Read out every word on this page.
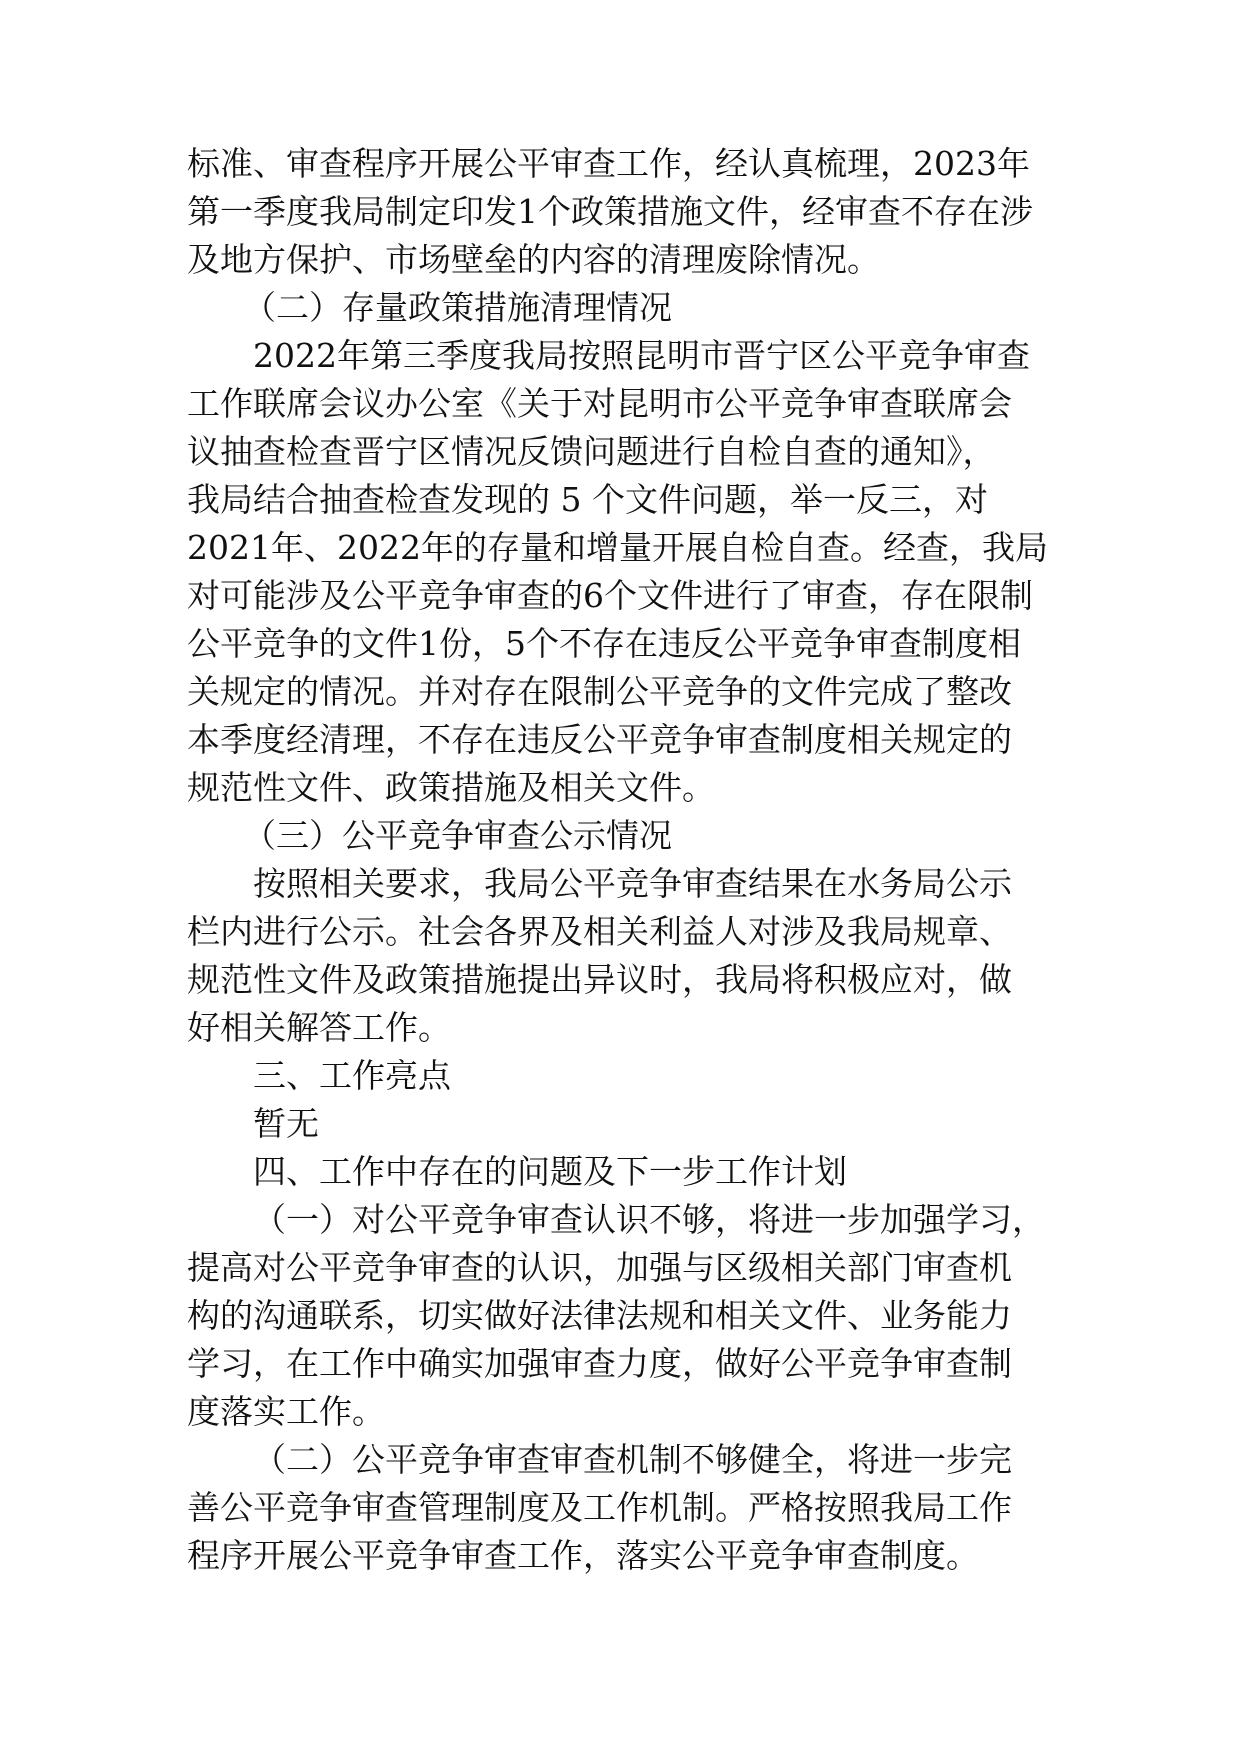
标准、审查程序开展公平审查工作，经认真梳理，2023年
第一季度我局制定印发1个政策措施文件，经审查不存在涉
及地方保护、市场壁垒的内容的清理废除情况。
（二）存量政策措施清理情况
2022年第三季度我局按照昆明市晋宁区公平竞争审查
工作联席会议办公室《关于对昆明市公平竞争审查联席会
议抽查检查晋宁区情况反馈问题进行自检自查的通知》，
我局结合抽查检查发现的 5 个文件问题，举一反三，对
2021年、2022年的存量和增量开展自检自查。经查，我局
对可能涉及公平竞争审查的6个文件进行了审查，存在限制
公平竞争的文件1份，5个不存在违反公平竞争审查制度相
关规定的情况。并对存在限制公平竞争的文件完成了整改
本季度经清理，不存在违反公平竞争审查制度相关规定的
规范性文件、政策措施及相关文件。
（三）公平竞争审查公示情况
按照相关要求，我局公平竞争审查结果在水务局公示
栏内进行公示。社会各界及相关利益人对涉及我局规章、
规范性文件及政策措施提出异议时，我局将积极应对，做
好相关解答工作。
三、工作亮点
暂无
四、工作中存在的问题及下一步工作计划
（一）对公平竞争审查认识不够，将进一步加强学习，
提高对公平竞争审查的认识，加强与区级相关部门审查机
构的沟通联系，切实做好法律法规和相关文件、业务能力
学习，在工作中确实加强审查力度，做好公平竞争审查制
度落实工作。
（二）公平竞争审查审查机制不够健全，将进一步完
善公平竞争审查管理制度及工作机制。严格按照我局工作
程序开展公平竞争审查工作，落实公平竞争审查制度。
